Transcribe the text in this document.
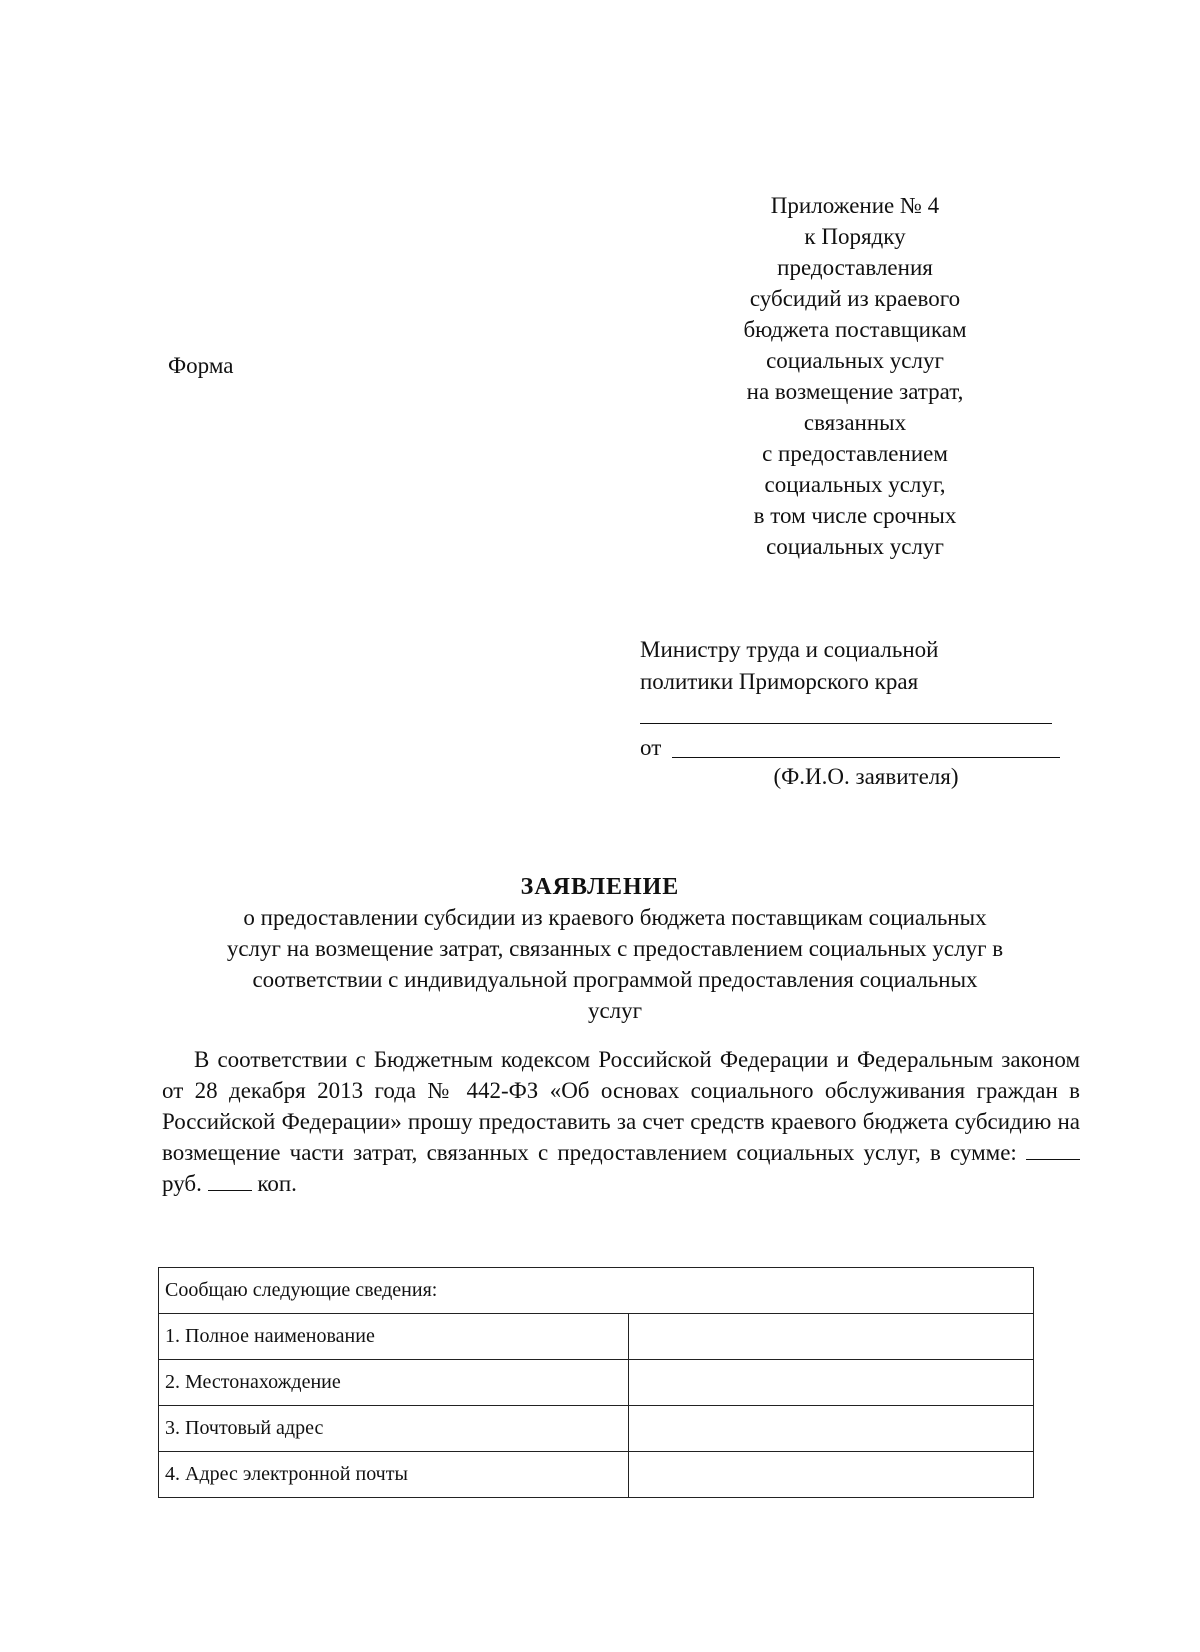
Приложение № 4
к Порядку
предоставления
субсидий из краевого
бюджета поставщикам
социальных услуг
на возмещение затрат,
связанных
с предоставлением
социальных услуг,
в том числе срочных
социальных услуг
Форма
Министру труда и социальной
политики Приморского края
от
(Ф.И.О. заявителя)
ЗАЯВЛЕНИЕ
о предоставлении субсидии из краевого бюджета поставщикам социальных
услуг на возмещение затрат, связанных с предоставлением социальных услуг в
соответствии с индивидуальной программой предоставления социальных
услуг
В соответствии с Бюджетным кодексом Российской Федерации и Федеральным законом от 28 декабря 2013 года № 442-ФЗ «Об основах социального обслуживания граждан в Российской Федерации» прошу предоставить за счет средств краевого бюджета субсидию на возмещение части затрат, связанных с предоставлением социальных услуг, в сумме:  руб. коп.
Сообщаю следующие сведения:	
1. Полное наименование	
2. Местонахождение	
3. Почтовый адрес	
4. Адрес электронной почты	
